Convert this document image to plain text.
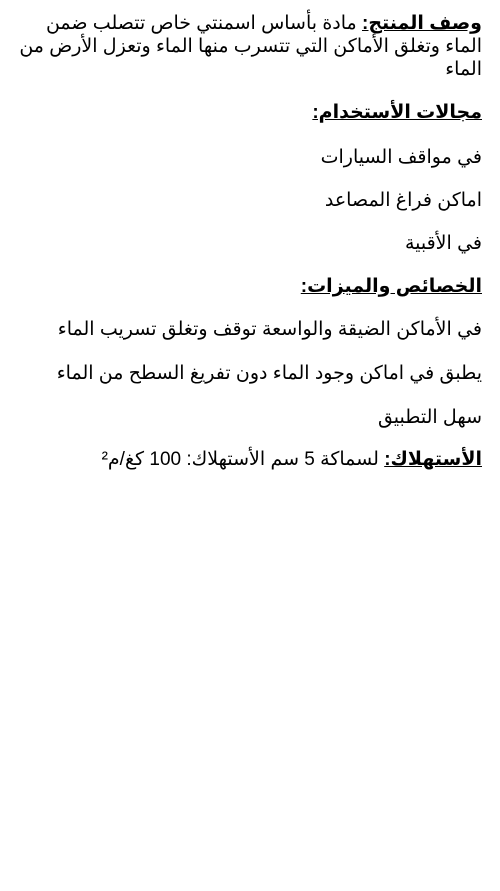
وصف المنتج: مادة بأساس اسمنتي خاص تتصلب ضمن الماء وتغلق الأماكن التي تتسرب منها الماء وتعزل الأرض من الماء

مجالات الأستخدام:

في مواقف السيارات

اماكن فراغ المصاعد

في الأقبية

الخصائص والميزات:

في الأماكن الضيقة والواسعة توقف وتغلق تسريب الماء

يطبق في اماكن وجود الماء دون تفريغ السطح من الماء

سهل التطبيق

الأستهلاك: لسماكة 5 سم الأستهلاك: 100 كغ/م²
